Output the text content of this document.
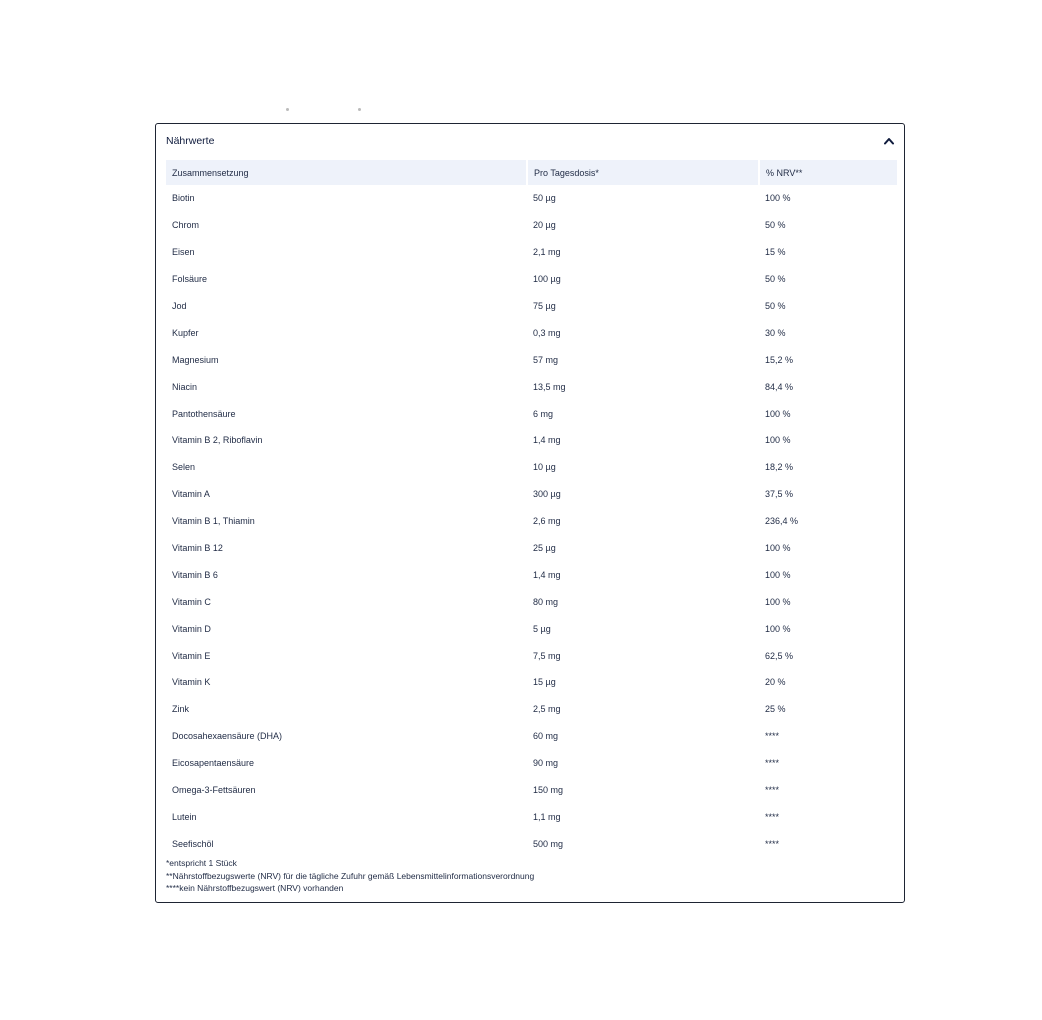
Nährwerte
Zusammensetzung	Pro Tagesdosis*	% NRV**
Biotin	50 µg	100 %
Chrom	20 µg	50 %
Eisen	2,1 mg	15 %
Folsäure	100 µg	50 %
Jod	75 µg	50 %
Kupfer	0,3 mg	30 %
Magnesium	57 mg	15,2 %
Niacin	13,5 mg	84,4 %
Pantothensäure	6 mg	100 %
Vitamin B 2, Riboflavin	1,4 mg	100 %
Selen	10 µg	18,2 %
Vitamin A	300 µg	37,5 %
Vitamin B 1, Thiamin	2,6 mg	236,4 %
Vitamin B 12	25 µg	100 %
Vitamin B 6	1,4 mg	100 %
Vitamin C	80 mg	100 %
Vitamin D	5 µg	100 %
Vitamin E	7,5 mg	62,5 %
Vitamin K	15 µg	20 %
Zink	2,5 mg	25 %
Docosahexaensäure (DHA)	60 mg	****
Eicosapentaensäure	90 mg	****
Omega-3-Fettsäuren	150 mg	****
Lutein	1,1 mg	****
Seefischöl	500 mg	****
*entspricht 1 Stück
**Nährstoffbezugswerte (NRV) für die tägliche Zufuhr gemäß Lebensmittelinformationsverordnung
****kein Nährstoffbezugswert (NRV) vorhanden
